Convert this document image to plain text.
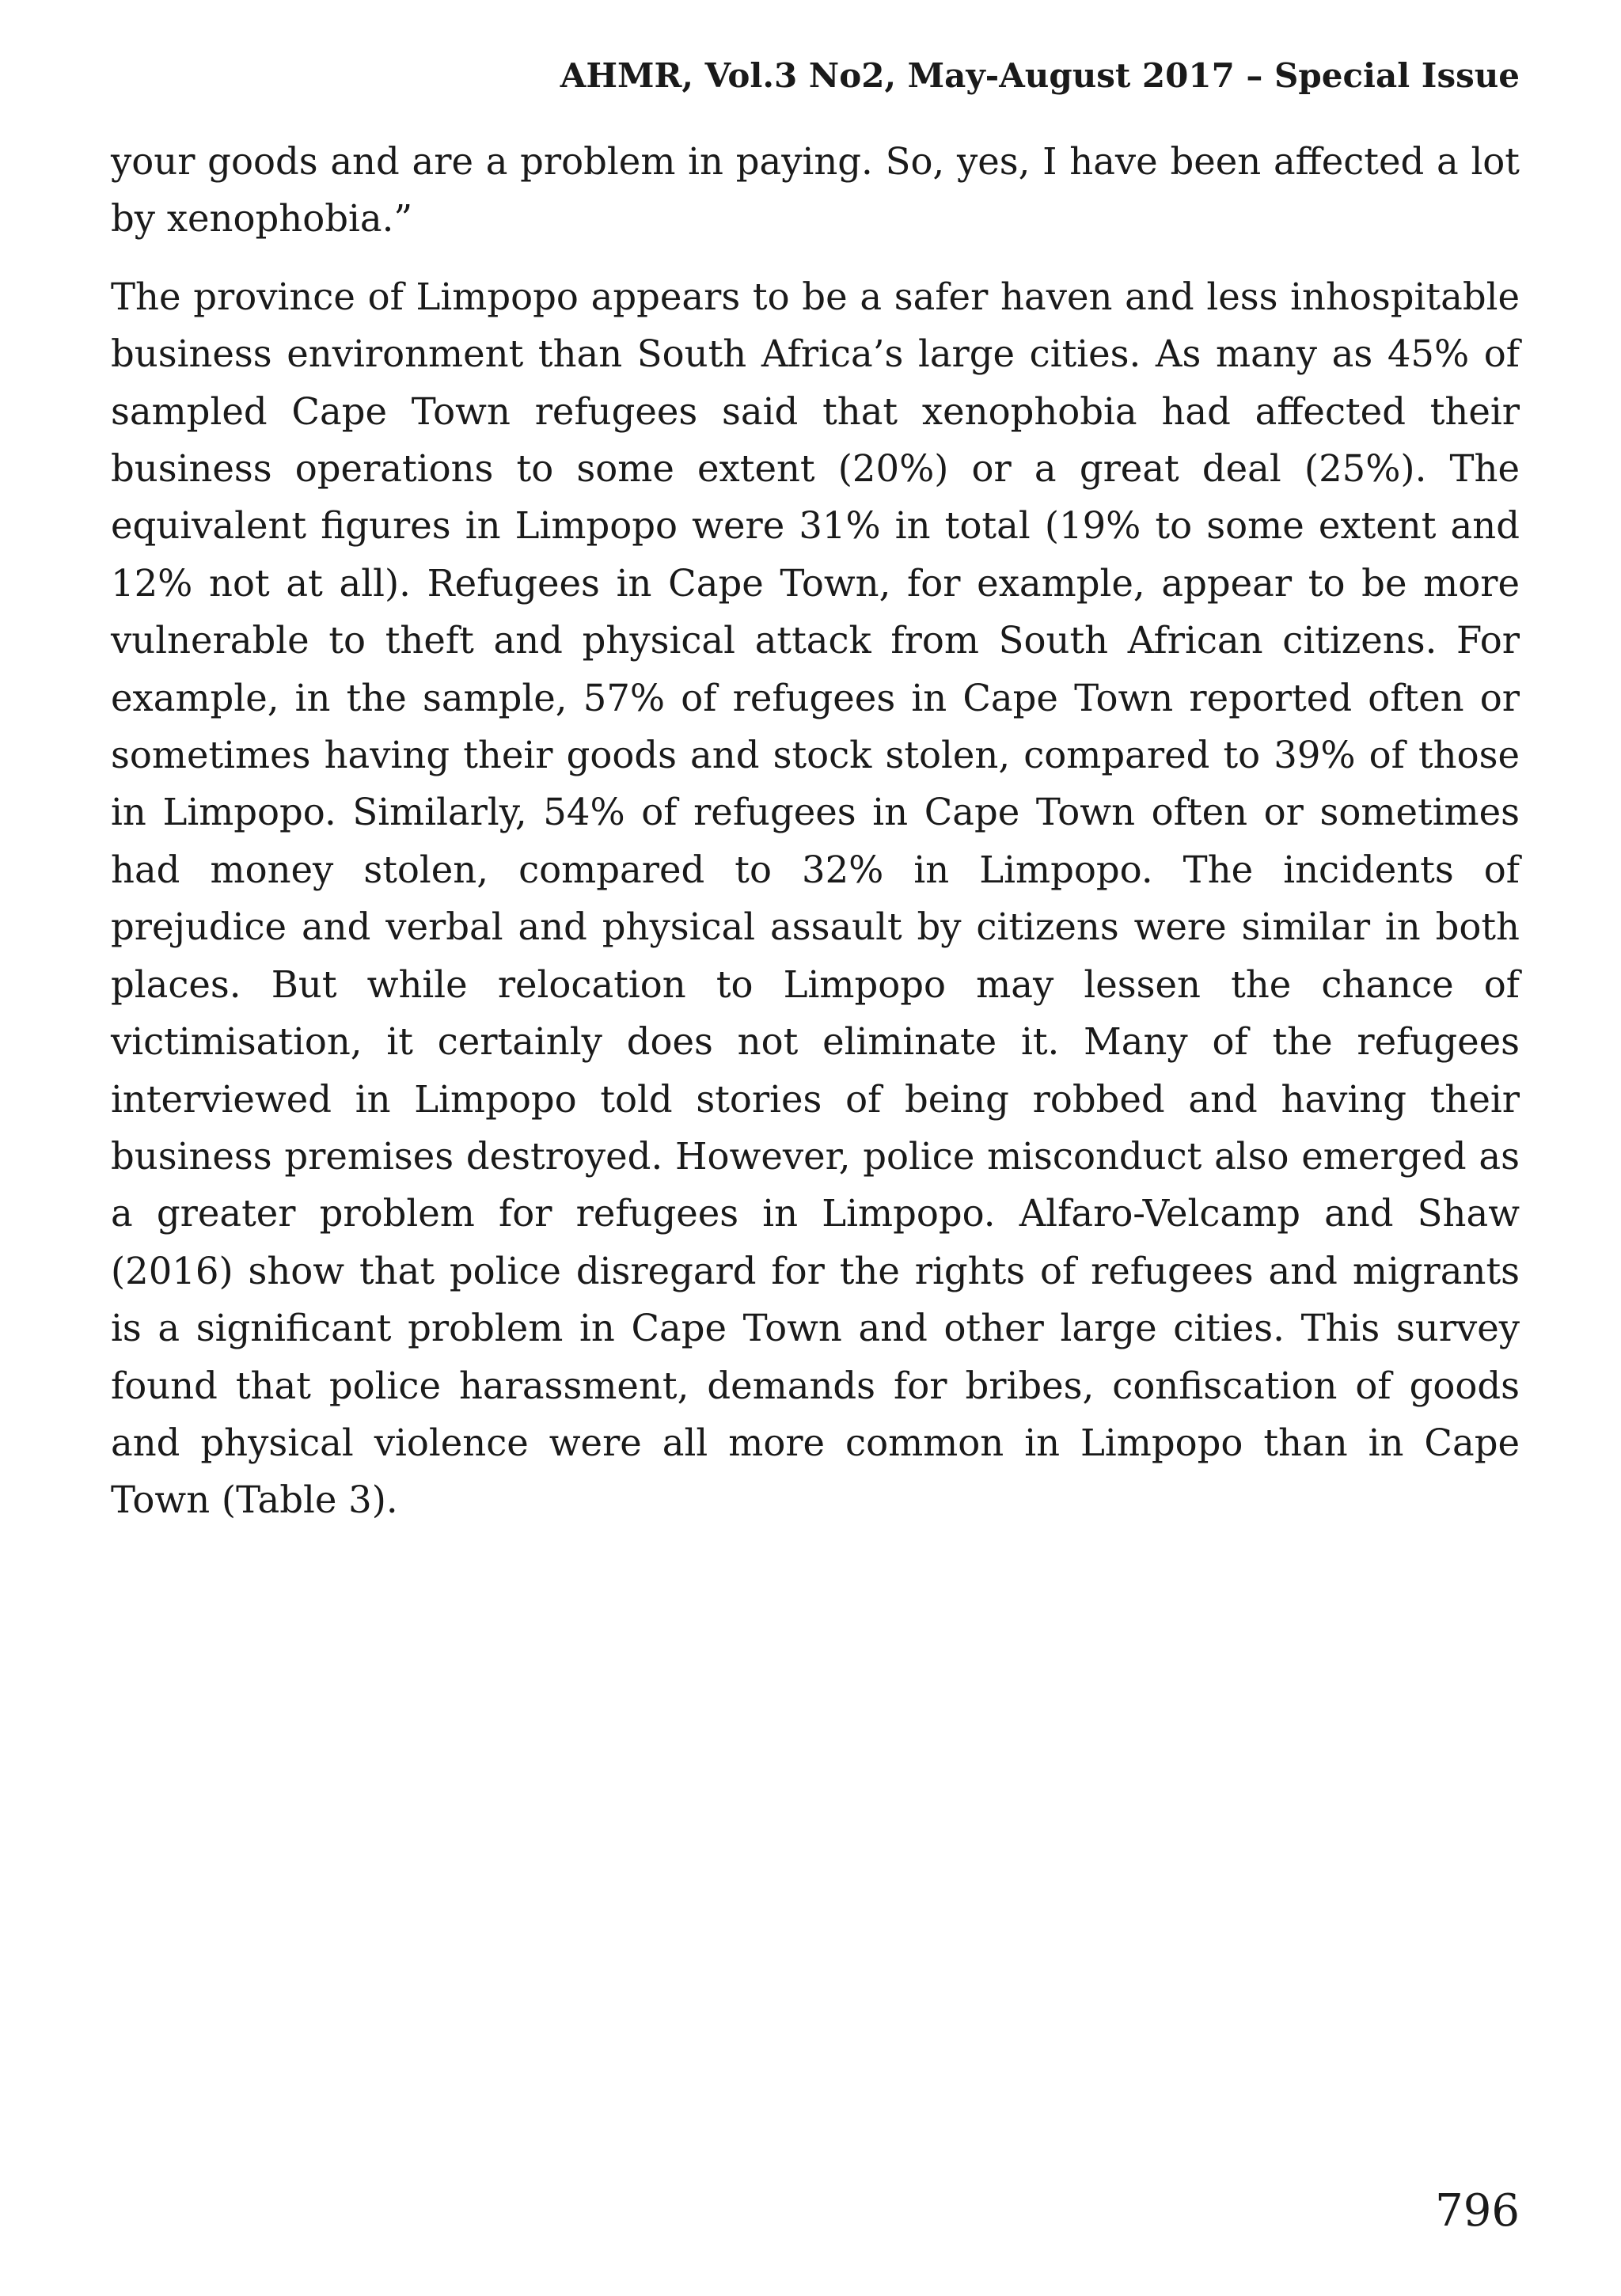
AHMR, Vol.3 No2, May-August 2017 – Special Issue

your goods and are a problem in paying. So, yes, I have been affected a lot by xenophobia.”

The province of Limpopo appears to be a safer haven and less inhospitable business environment than South Africa’s large cities. As many as 45% of sampled Cape Town refugees said that xenophobia had affected their business operations to some extent (20%) or a great deal (25%). The equivalent figures in Limpopo were 31% in total (19% to some extent and 12% not at all). Refugees in Cape Town, for example, appear to be more vulnerable to theft and physical attack from South African citizens. For example, in the sample, 57% of refugees in Cape Town reported often or sometimes having their goods and stock stolen, compared to 39% of those in Limpopo. Similarly, 54% of refugees in Cape Town often or sometimes had money stolen, compared to 32% in Limpopo. The incidents of prejudice and verbal and physical assault by citizens were similar in both places. But while relocation to Limpopo may lessen the chance of victimisation, it certainly does not eliminate it. Many of the refugees interviewed in Limpopo told stories of being robbed and having their business premises destroyed. However, police misconduct also emerged as a greater problem for refugees in Limpopo. Alfaro-Velcamp and Shaw (2016) show that police disregard for the rights of refugees and migrants is a significant problem in Cape Town and other large cities. This survey found that police harassment, demands for bribes, confiscation of goods and physical violence were all more common in Limpopo than in Cape Town (Table 3).

796
